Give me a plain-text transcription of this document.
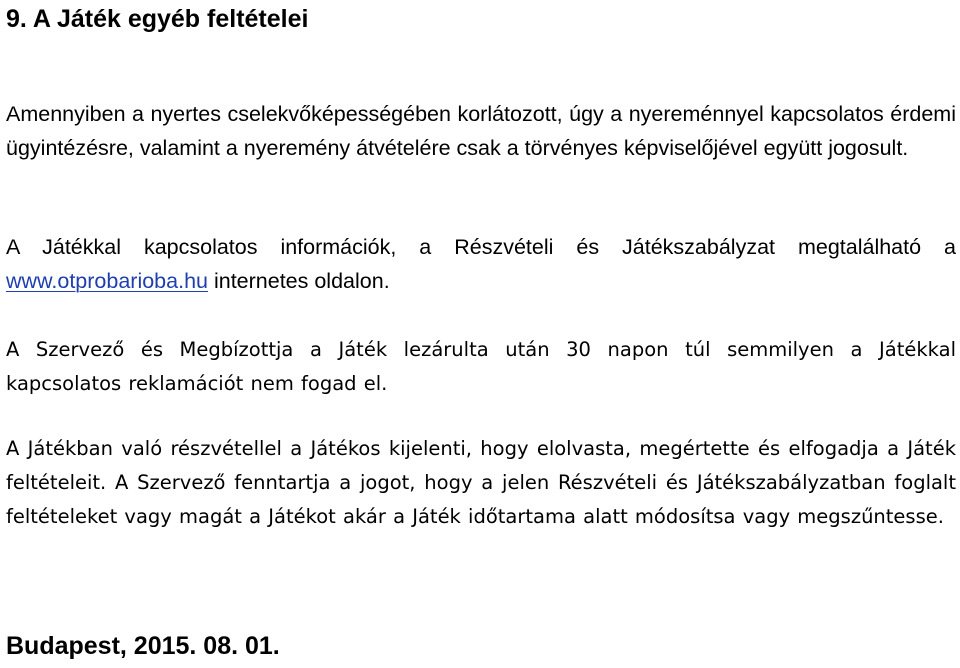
9. A Játék egyéb feltételei

Amennyiben a nyertes cselekvőképességében korlátozott, úgy a nyereménnyel kapcsolatos érdemi ügyintézésre, valamint a nyeremény átvételére csak a törvényes képviselőjével együtt jogosult.

A Játékkal kapcsolatos információk, a Részvételi és Játékszabályzat megtalálható a www.otprobarioba.hu internetes oldalon.

A Szervező és Megbízottja a Játék lezárulta után 30 napon túl semmilyen a Játékkal kapcsolatos reklamációt nem fogad el.

A Játékban való részvétellel a Játékos kijelenti, hogy elolvasta, megértette és elfogadja a Játék feltételeit. A Szervező fenntartja a jogot, hogy a jelen Részvételi és Játékszabályzatban foglalt feltételeket vagy magát a Játékot akár a Játék időtartama alatt módosítsa vagy megszűntesse.

Budapest, 2015. 08. 01.
